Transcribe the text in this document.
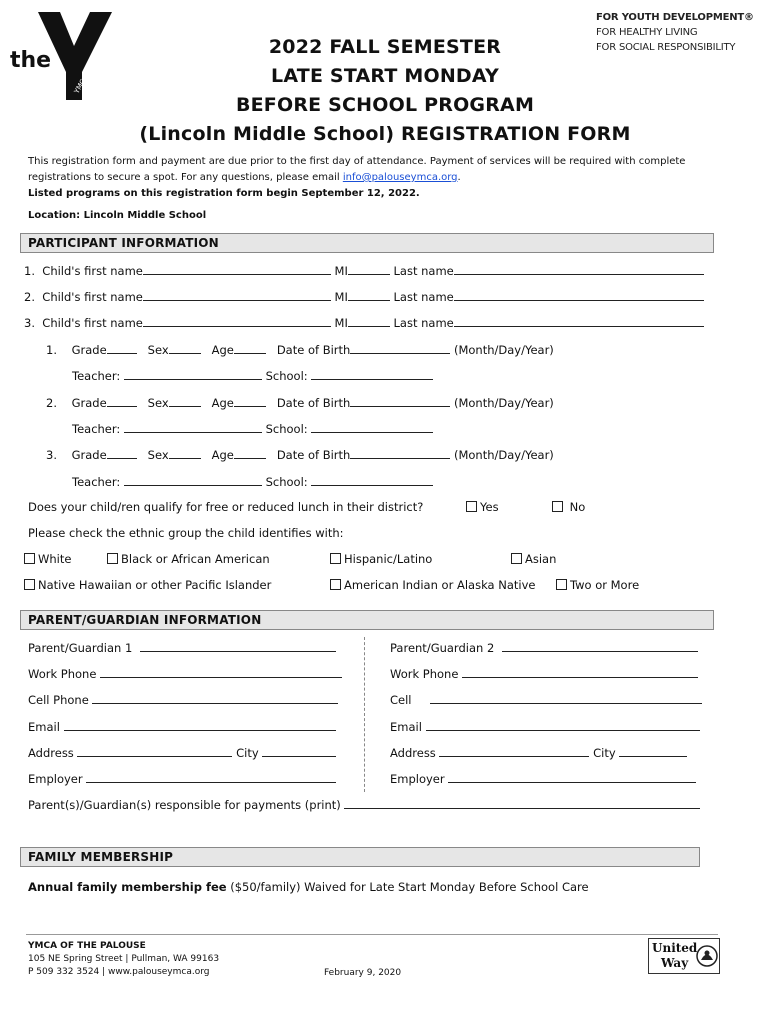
YMCA
the
FOR YOUTH DEVELOPMENT®
FOR HEALTHY LIVING
FOR SOCIAL RESPONSIBILITY
2022 FALL SEMESTER
LATE START MONDAY
BEFORE SCHOOL PROGRAM
(Lincoln Middle School) REGISTRATION FORM
This registration form and payment are due prior to the first day of attendance. Payment of services will be required with complete
registrations to secure a spot. For any questions, please email info@palouseymca.org.
Listed programs on this registration form begin September 12, 2022.
Location: Lincoln Middle School
PARTICIPANT INFORMATION
1. Child's first name	MI	Last name
2. Child's first name	MI	Last name
3. Child's first name	MI	Last name
1. Grade	Sex	Age	Date of Birth	(Month/Day/Year)
Teacher:	School:
2. Grade	Sex	Age	Date of Birth	(Month/Day/Year)
Teacher:	School:
3. Grade	Sex	Age	Date of Birth	(Month/Day/Year)
Teacher:	School:
Does your child/ren qualify for free or reduced lunch in their district?	Yes	No
Please check the ethnic group the child identifies with:
White	Black or African American	Hispanic/Latino	Asian
Native Hawaiian or other Pacific Islander	American Indian or Alaska Native	Two or More
PARENT/GUARDIAN INFORMATION
Parent/Guardian 1
Work Phone
Cell Phone
Email
Address	City
Employer
Parent/Guardian 2
Work Phone
Cell
Email
Address	City
Employer
Parent(s)/Guardian(s) responsible for payments (print)
FAMILY MEMBERSHIP
Annual family membership fee ($50/family) Waived for Late Start Monday Before School Care
YMCA OF THE PALOUSE
105 NE Spring Street | Pullman, WA 99163
P 509 332 3524 | www.palouseymca.org	February 9, 2020
United
Way
